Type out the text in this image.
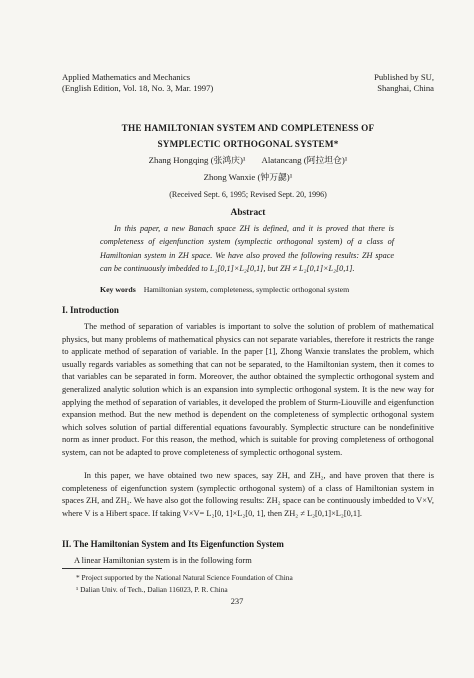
Applied Mathematics and Mechanics
(English Edition, Vol. 18, No. 3, Mar. 1997)
Published by SU,
Shanghai, China
THE HAMILTONIAN SYSTEM AND COMPLETENESS OF
SYMPLECTIC ORTHOGONAL SYSTEM*
Zhang Hongqing (张鸿庆)¹ Alatancang (阿拉坦仓)¹
Zhong Wanxie (钟万勰)¹
(Received Sept. 6, 1995; Revised Sept. 20, 1996)
Abstract
In this paper, a new Banach space ZH is defined, and it is proved that there is completeness of eigenfunction system (symplectic orthogonal system) of a class of Hamiltonian system in ZH space. We have also proved the following results: ZH space can be continuously imbedded to L₂[0,1]×L₂[0,1], but ZH ≠ L₂[0,1]×L₂[0,1].
Key words Hamiltonian system, completeness, symplectic orthogonal system
I. Introduction
The method of separation of variables is important to solve the solution of problem of mathematical physics, but many problems of mathematical physics can not separate variables, therefore it restricts the range to applicate method of separation of variable. In the paper [1], Zhong Wanxie translates the problem, which usually regards variables as something that can not be separated, to the Hamiltonian system, then it comes to that variables can be separated in form. Moreover, the author obtained the symplectic orthogonal system and generalized analytic solution which is an expansion into symplectic orthogonal system. It is the new way for applying the method of separation of variables, it developed the problem of Sturm-Liouville and eigenfunction expansion method. But the new method is dependent on the completeness of symplectic orthogonal system which solves solution of partial differential equations favourably. Symplectic structure can be nondefinitive norm as inner product. For this reason, the method, which is suitable for proving completeness of orthogonal system, can not be adapted to prove completeness of symplectic orthogonal system.
In this paper, we have obtained two new spaces, say ZH, and ZH₂, and have proven that there is completeness of eigenfunction system (symplectic orthogonal system) of a class of Hamiltonian system in spaces ZH, and ZH₂. We have also got the following results: ZH₂ space can be continuously imbedded to V×V, where V is a Hibert space. If taking V×V= L₂[0, 1]×L₂[0, 1], then ZH₂ ≠ L₂[0,1]×L₂[0,1].
II. The Hamiltonian System and Its Eigenfunction System
A linear Hamiltonian system is in the following form
* Project supported by the National Natural Science Foundation of China
¹ Dalian Univ. of Tech., Dalian 116023, P. R. China
237
